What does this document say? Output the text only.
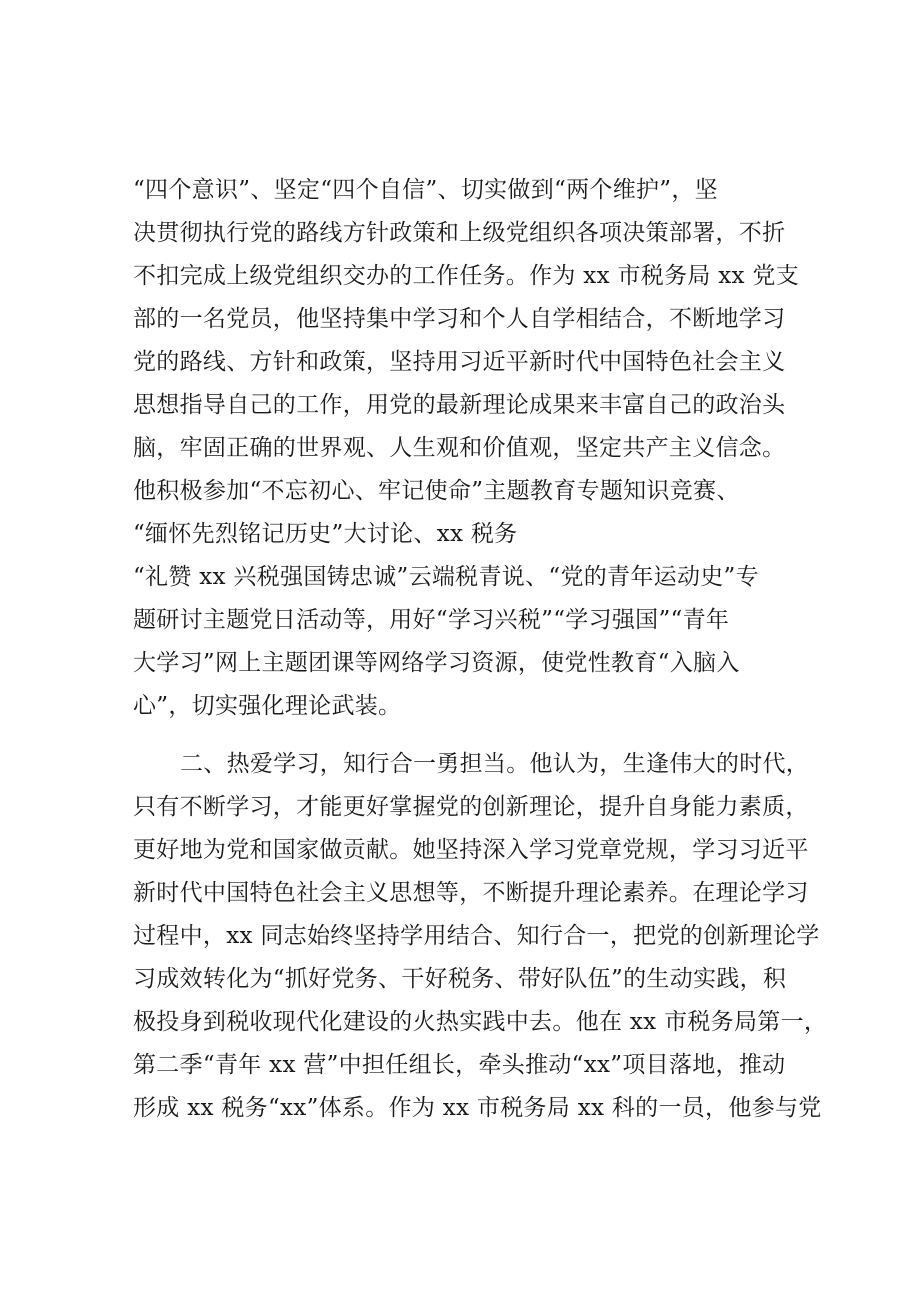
“四个意识”、坚定“四个自信”、切实做到“两个维护”，坚
决贯彻执行党的路线方针政策和上级党组织各项决策部署，不折
不扣完成上级党组织交办的工作任务。作为 xx 市税务局 xx 党支
部的一名党员，他坚持集中学习和个人自学相结合，不断地学习
党的路线、方针和政策，坚持用习近平新时代中国特色社会主义
思想指导自己的工作，用党的最新理论成果来丰富自己的政治头
脑，牢固正确的世界观、人生观和价值观，坚定共产主义信念。
他积极参加“不忘初心、牢记使命”主题教育专题知识竞赛、
“缅怀先烈铭记历史”大讨论、xx 税务
“礼赞 xx 兴税强国铸忠诚”云端税青说、“党的青年运动史”专
题研讨主题党日活动等，用好“学习兴税”“学习强国”“青年
大学习”网上主题团课等网络学习资源，使党性教育“入脑入
心”，切实强化理论武装。
二、热爱学习，知行合一勇担当。他认为，生逢伟大的时代，
只有不断学习，才能更好掌握党的创新理论，提升自身能力素质，
更好地为党和国家做贡献。她坚持深入学习党章党规，学习习近平
新时代中国特色社会主义思想等，不断提升理论素养。在理论学习
过程中，xx 同志始终坚持学用结合、知行合一，把党的创新理论学
习成效转化为“抓好党务、干好税务、带好队伍”的生动实践，积
极投身到税收现代化建设的火热实践中去。他在 xx 市税务局第一，
第二季“青年 xx 营”中担任组长，牵头推动“xx”项目落地，推动
形成 xx 税务“xx”体系。作为 xx 市税务局 xx 科的一员，他参与党
